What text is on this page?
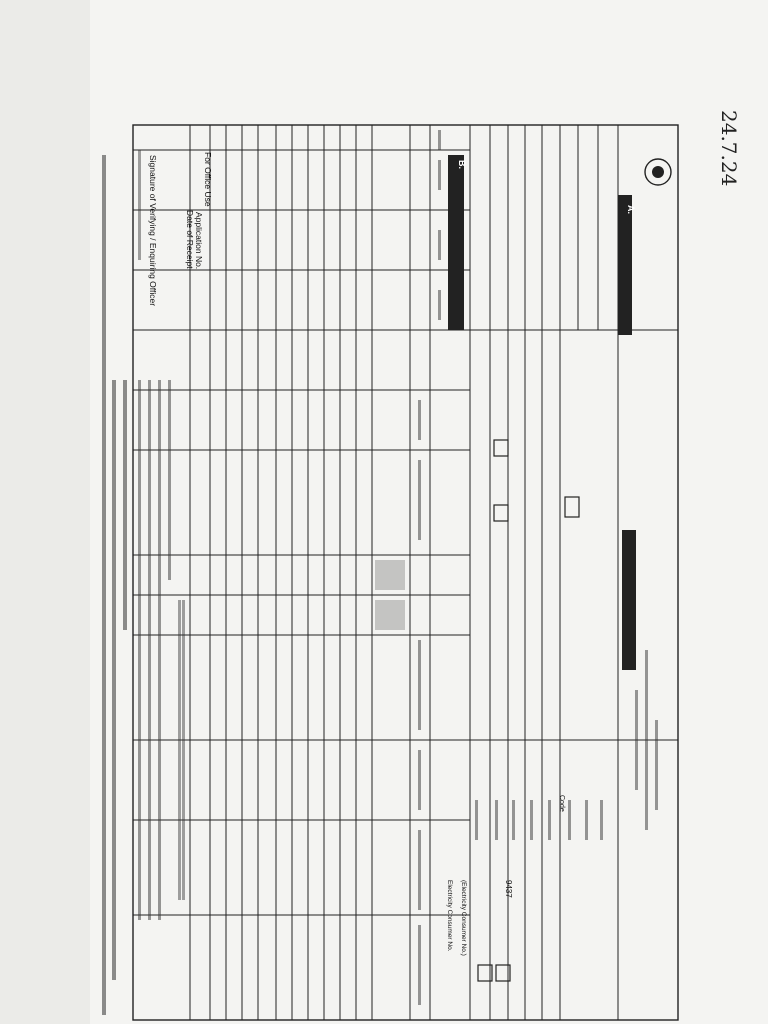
For Office Use
Application No.
Date of Receipt
Signature of Verifying / Enquiring Officer
Electricity Consumer No. (Electricity Consumer No.)
Code
9437
A.
B.	24.7.24
